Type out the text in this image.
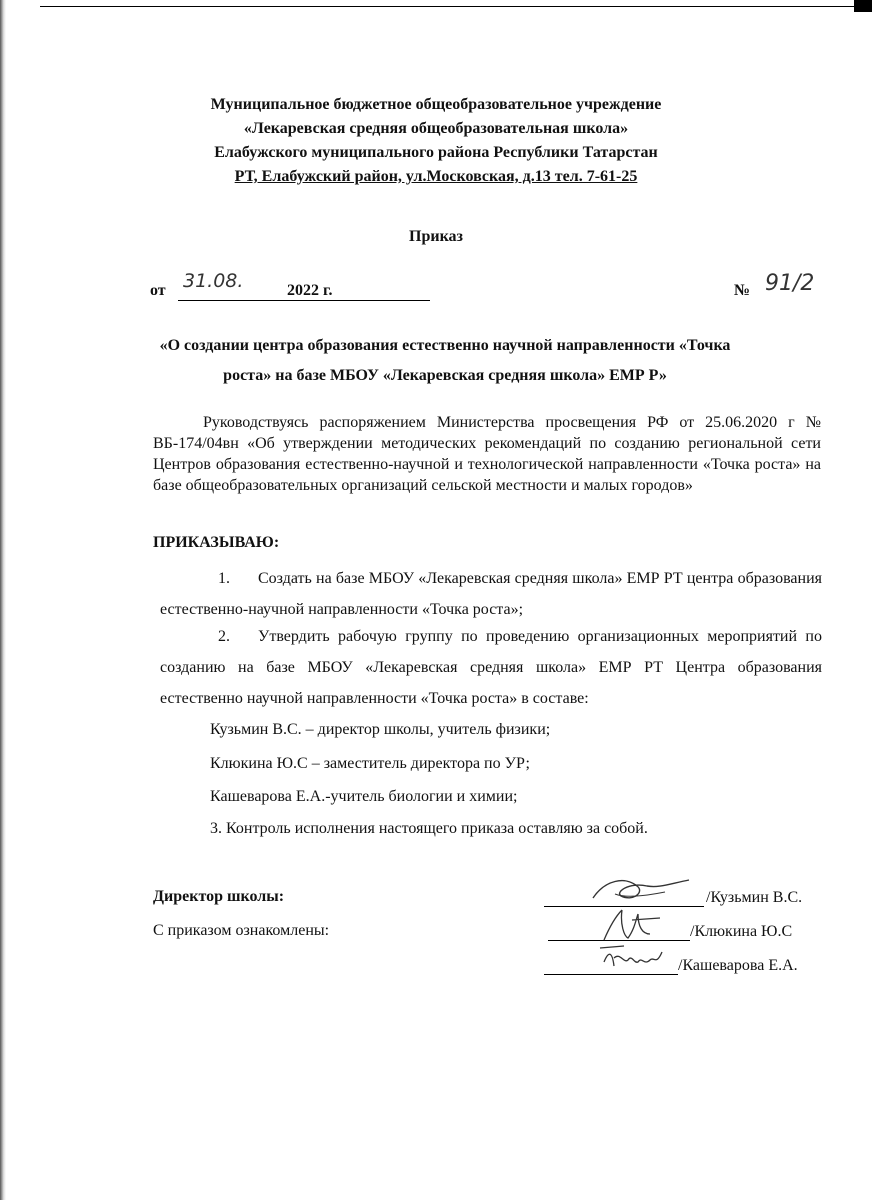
Муниципальное бюджетное общеобразовательное учреждение
«Лекаревская средняя общеобразовательная школа»
Елабужского муниципального района Республики Татарстан
РТ, Елабужский район, ул.Московская, д.13 тел. 7-61-25
Приказ
от 31.08.	2022 г.	№ 91/2
«О создании центра образования естественно научной направленности «Точка
роста» на базе МБОУ «Лекаревская средняя школа» ЕМР Р»
Руководствуясь распоряжением Министерства просвещения РФ от 25.06.2020 г № ВБ-174/04вн «Об утверждении методических рекомендаций по созданию региональной сети Центров образования естественно-научной и технологической направленности «Точка роста» на базе общеобразовательных организаций сельской местности и малых городов»
ПРИКАЗЫВАЮ:
1. Создать на базе МБОУ «Лекаревская средняя школа» ЕМР РТ центра образования естественно-научной направленности «Точка роста»;
2. Утвердить рабочую группу по проведению организационных мероприятий по созданию на базе МБОУ «Лекаревская средняя школа» ЕМР РТ Центра образования естественно научной направленности «Точка роста» в составе:
Кузьмин В.С. – директор школы, учитель физики;
Клюкина Ю.С – заместитель директора по УР;
Кашеварова Е.А.-учитель биологии и химии;
3. Контроль исполнения настоящего приказа оставляю за собой.
Директор школы:
С приказом ознакомлены:
/Кузьмин В.С.
/Клюкина Ю.С
/Кашеварова Е.А.
